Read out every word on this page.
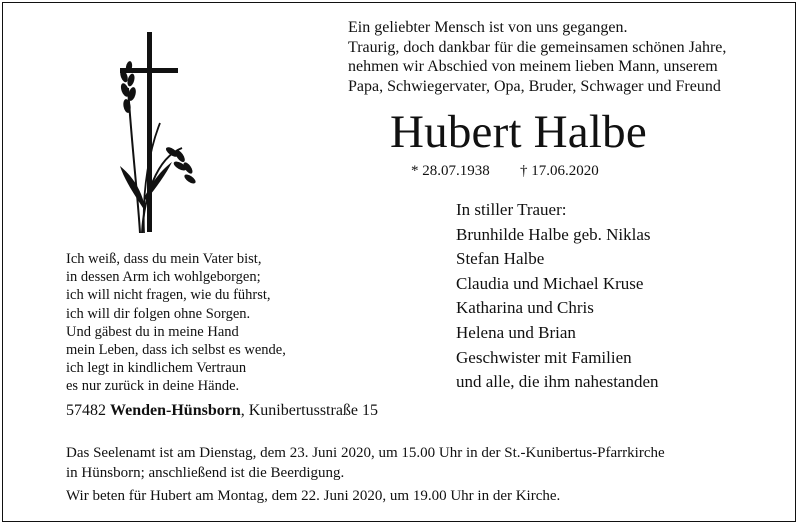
Ein geliebter Mensch ist von uns gegangen.
Traurig, doch dankbar für die gemeinsamen schönen Jahre,
nehmen wir Abschied von meinem lieben Mann, unserem
Papa, Schwiegervater, Opa, Bruder, Schwager und Freund
Hubert Halbe
* 28.07.1938 † 17.06.2020
In stiller Trauer:
Brunhilde Halbe geb. Niklas
Stefan Halbe
Claudia und Michael Kruse
Katharina und Chris
Helena und Brian
Geschwister mit Familien
und alle, die ihm nahestanden
Ich weiß, dass du mein Vater bist,
in dessen Arm ich wohlgeborgen;
ich will nicht fragen, wie du führst,
ich will dir folgen ohne Sorgen.
Und gäbest du in meine Hand
mein Leben, dass ich selbst es wende,
ich legt in kindlichem Vertraun
es nur zurück in deine Hände.
57482 Wenden-Hünsborn, Kunibertusstraße 15
Das Seelenamt ist am Dienstag, dem 23. Juni 2020, um 15.00 Uhr in der St.-Kunibertus-Pfarrkirche
in Hünsborn; anschließend ist die Beerdigung.
Wir beten für Hubert am Montag, dem 22. Juni 2020, um 19.00 Uhr in der Kirche.
